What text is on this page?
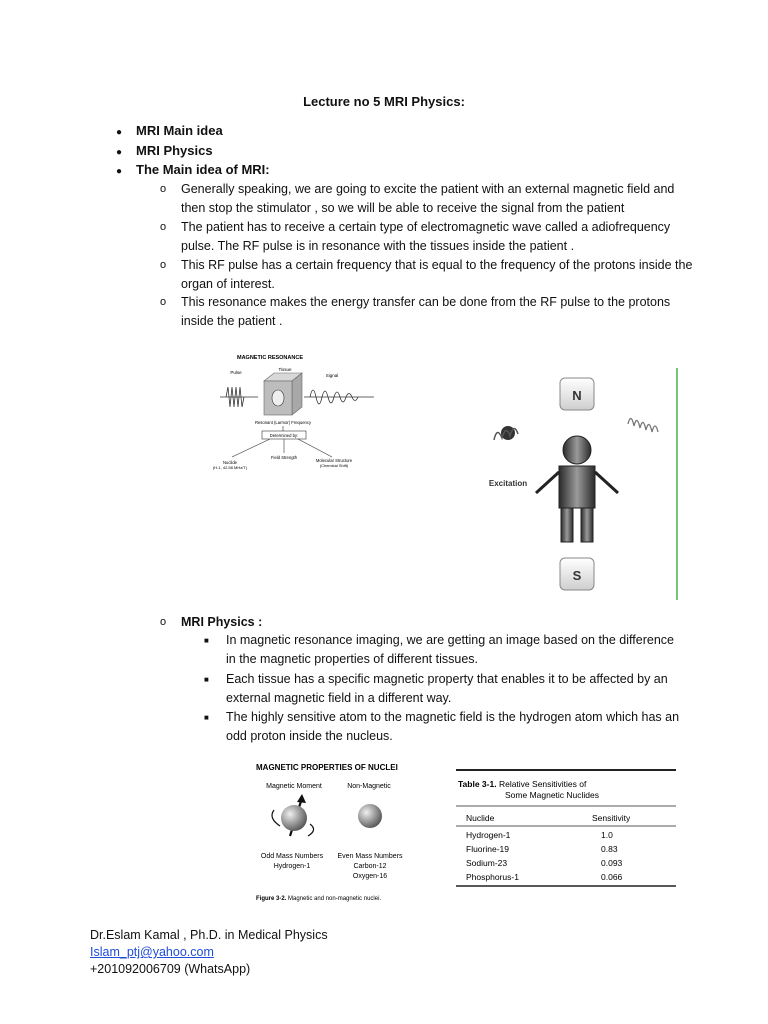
Lecture no 5 MRI Physics:
● MRI Main idea
● MRI Physics
● The Main idea of MRI:
o Generally speaking, we are going to excite the patient with an external magnetic field and then stop the stimulator , so we will be able to receive the signal from the patient
o The patient has to receive a certain type of electromagnetic wave called a adiofrequency pulse. The RF pulse is in resonance with the tissues inside the patient .
o This RF pulse has a certain frequency that is equal to the frequency of the protons inside the organ of interest.
o This resonance makes the energy transfer can be done from the RF pulse to the protons inside the patient .
MAGNETIC RESONANCE
Pulse
Tissue
Signal
Resonant (Larmor) Frequency
Determined by:
Nuclide
(H-1, 42.58 MHz/T)
Field Strength
Molecular Structure
(Chemical Shift)
N
Excitation
S
o MRI Physics :
■ In magnetic resonance imaging, we are getting an image based on the difference in the magnetic properties of different tissues.
■ Each tissue has a specific magnetic property that enables it to be affected by an external magnetic field in a different way.
■ The highly sensitive atom to the magnetic field is the hydrogen atom which has an odd proton inside the nucleus.
MAGNETIC PROPERTIES OF NUCLEI
Magnetic Moment	Non-Magnetic
Odd Mass Numbers
Hydrogen-1
Even Mass Numbers
Carbon-12
Oxygen-16
Figure 3-2. Magnetic and non-magnetic nuclei.
Table 3-1. Relative Sensitivities of
Some Magnetic Nuclides
Nuclide	Sensitivity
Hydrogen-1	1.0
Fluorine-19	0.83
Sodium-23	0.093
Phosphorus-1	0.066
Dr.Eslam Kamal , Ph.D. in Medical Physics
Islam_ptj@yahoo.com
+201092006709 (WhatsApp)
